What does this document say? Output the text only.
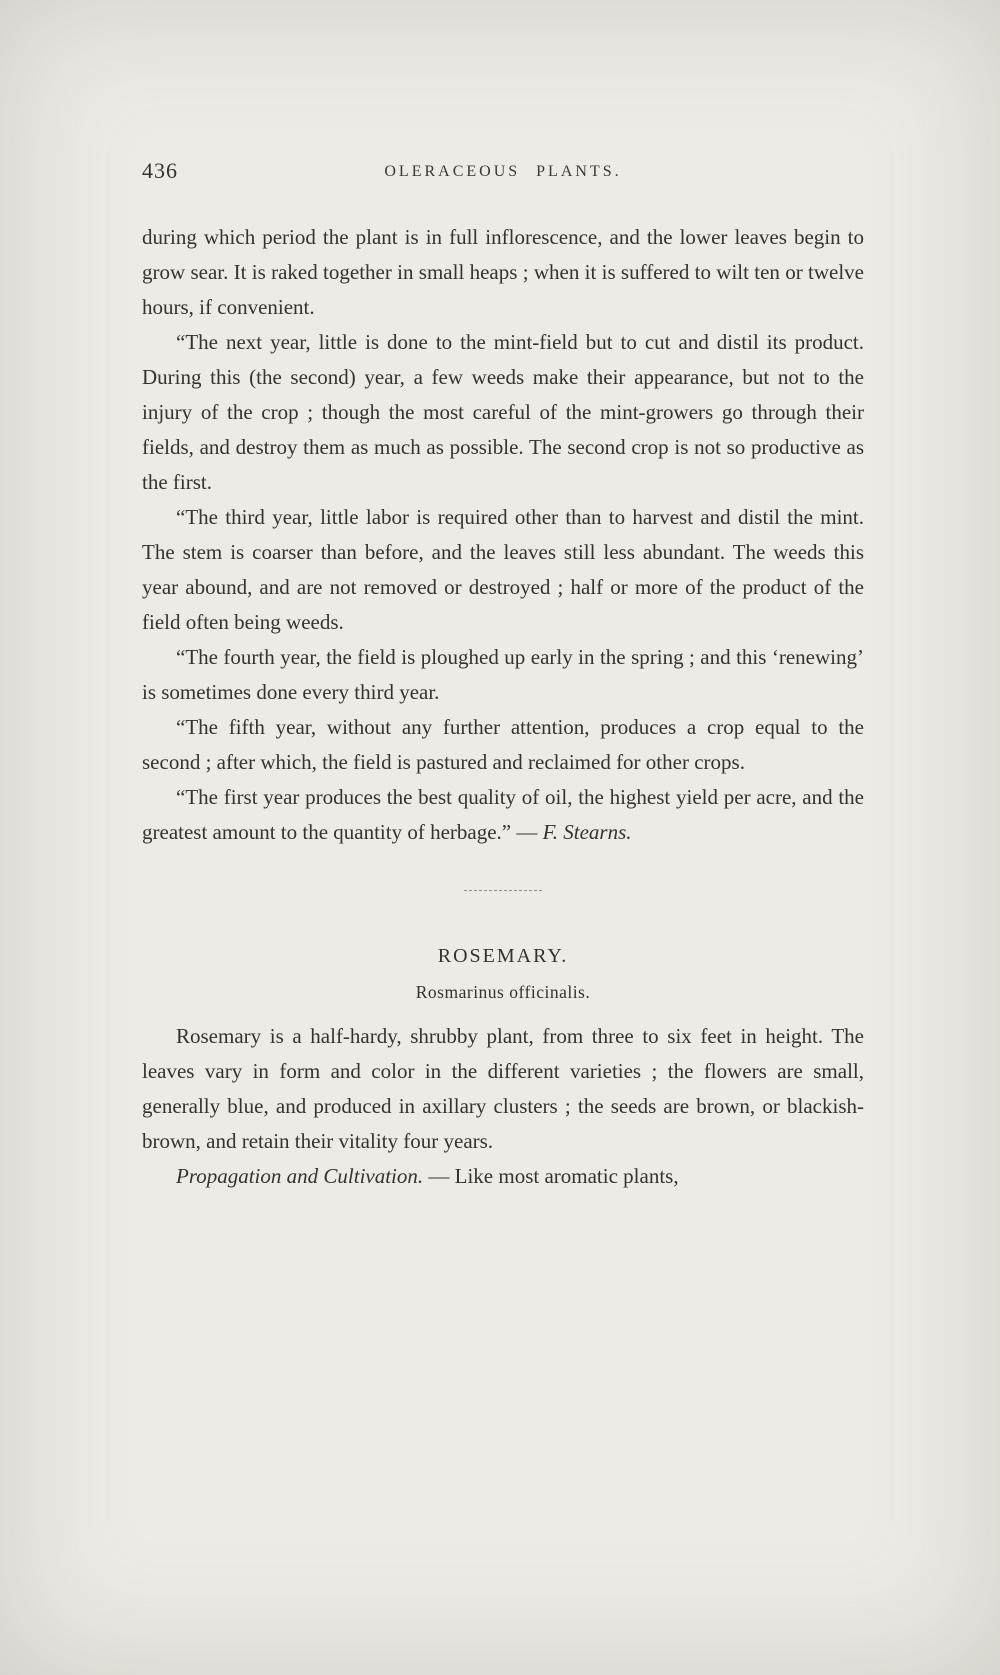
436	OLERACEOUS PLANTS.

during which period the plant is in full inflorescence, and the lower leaves begin to grow sear. It is raked together in small heaps ; when it is suffered to wilt ten or twelve hours, if convenient.

“The next year, little is done to the mint-field but to cut and distil its product. During this (the second) year, a few weeds make their appearance, but not to the injury of the crop ; though the most careful of the mint-growers go through their fields, and destroy them as much as possible. The second crop is not so productive as the first.

“The third year, little labor is required other than to harvest and distil the mint. The stem is coarser than before, and the leaves still less abundant. The weeds this year abound, and are not removed or destroyed ; half or more of the product of the field often being weeds.

“The fourth year, the field is ploughed up early in the spring ; and this ‘renewing’ is sometimes done every third year.

“The fifth year, without any further attention, produces a crop equal to the second ; after which, the field is pastured and reclaimed for other crops.

“The first year produces the best quality of oil, the highest yield per acre, and the greatest amount to the quantity of herbage.” — F. Stearns.

ROSEMARY.
Rosmarinus officinalis.

Rosemary is a half-hardy, shrubby plant, from three to six feet in height. The leaves vary in form and color in the different varieties ; the flowers are small, generally blue, and produced in axillary clusters ; the seeds are brown, or blackish-brown, and retain their vitality four years.

Propagation and Cultivation. — Like most aromatic plants,
